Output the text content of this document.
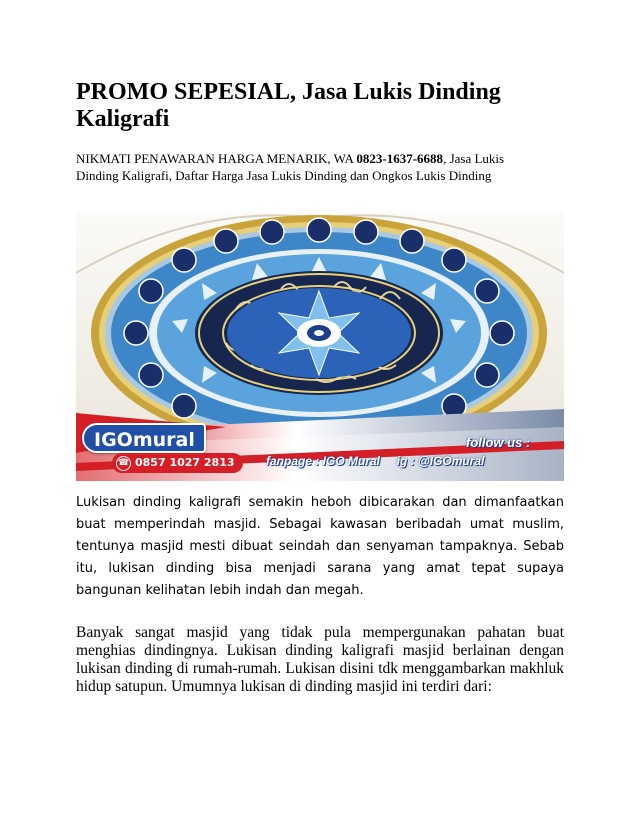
PROMO SEPESIAL, Jasa Lukis Dinding Kaligrafi

NIKMATI PENAWARAN HARGA MENARIK, WA 0823-1637-6688, Jasa Lukis Dinding Kaligrafi, Daftar Harga Jasa Lukis Dinding dan Ongkos Lukis Dinding

IGOmural
☎ 0857 1027 2813
follow us :
fanpage : IGO Mural ig : @IGOmural

Lukisan dinding kaligrafi semakin heboh dibicarakan dan dimanfaatkan buat memperindah masjid. Sebagai kawasan beribadah umat muslim, tentunya masjid mesti dibuat seindah dan senyaman tampaknya. Sebab itu, lukisan dinding bisa menjadi sarana yang amat tepat supaya bangunan kelihatan lebih indah dan megah.

Banyak sangat masjid yang tidak pula mempergunakan pahatan buat menghias dindingnya. Lukisan dinding kaligrafi masjid berlainan dengan lukisan dinding di rumah-rumah. Lukisan disini tdk menggambarkan makhluk hidup satupun. Umumnya lukisan di dinding masjid ini terdiri dari:
